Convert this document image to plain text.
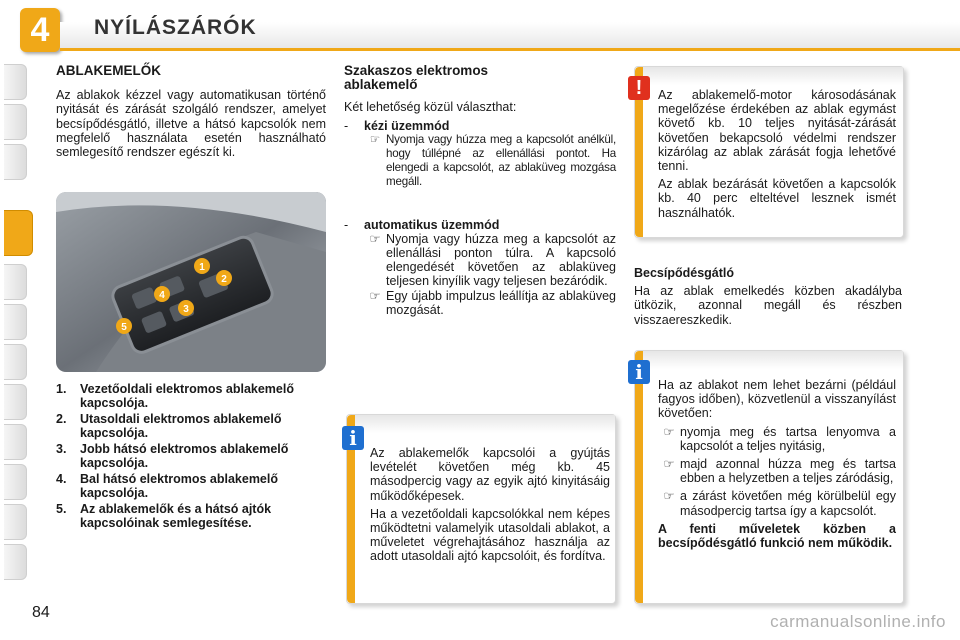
4	NYÍLÁSZÁRÓK
ABLAKEMELŐK

Az ablakok kézzel vagy automatikusan történő nyitását és zárását szolgáló rendszer, amelyet becsípődésgátló, illetve a hátsó kapcsolók nem megfelelő használata esetén használható semlegesítő rendszer egészít ki.

1
2
3
4
5
1.	Vezetőoldali elektromos ablakemelő kapcsolója.
2.	Utasoldali elektromos ablakemelő kapcsolója.
3.	Jobb hátsó elektromos ablakemelő kapcsolója.
4.	Bal hátsó elektromos ablakemelő kapcsolója.
5.	Az ablakemelők és a hátsó ajtók kapcsolóinak semlegesítése.
Szakaszos elektromos ablakemelő

Két lehetőség közül választhat:

-	kézi üzemmód
☞ Nyomja vagy húzza meg a kapcsolót anélkül, hogy túllépné az ellenállási pontot. Ha elengedi a kapcsolót, az ablaküveg mozgása megáll.
-	automatikus üzemmód
☞ Nyomja vagy húzza meg a kapcsolót az ellenállási ponton túlra. A kapcsoló elengedését követően az ablaküveg teljesen kinyílik vagy teljesen bezáródik.
☞ Egy újabb impulzus leállítja az ablaküveg mozgását.
i

Az ablakemelők kapcsolói a gyújtás levételét követően még kb. 45 másodpercig vagy az egyik ajtó kinyitásáig működőképesek.

Ha a vezetőoldali kapcsolókkal nem képes működtetni valamelyik utasoldali ablakot, a műveletet végrehajtásához használja az adott utasoldali ajtó kapcsolóit, és fordítva.

!	Az ablakemelő-motor károsodásának megelőzése érdekében az ablak egymást követő kb. 10 teljes nyitását-zárását követően bekapcsoló védelmi rendszer kizárólag az ablak zárását fogja lehetővé tenni.

Az ablak bezárását követően a kapcsolók kb. 40 perc elteltével lesznek ismét használhatók.

Becsípődésgátló

Ha az ablak emelkedés közben akadályba ütközik, azonnal megáll és részben visszaereszkedik.

i

Ha az ablakot nem lehet bezárni (például fagyos időben), közvetlenül a visszanyílást követően:

☞ nyomja meg és tartsa lenyomva a kapcsolót a teljes nyitásig,
☞ majd azonnal húzza meg és tartsa ebben a helyzetben a teljes záródásig,
☞ a zárást követően még körülbelül egy másodpercig tartsa így a kapcsolót.

A fenti műveletek közben a becsípődésgátló funkció nem működik.

84	carmanualsonline.info
